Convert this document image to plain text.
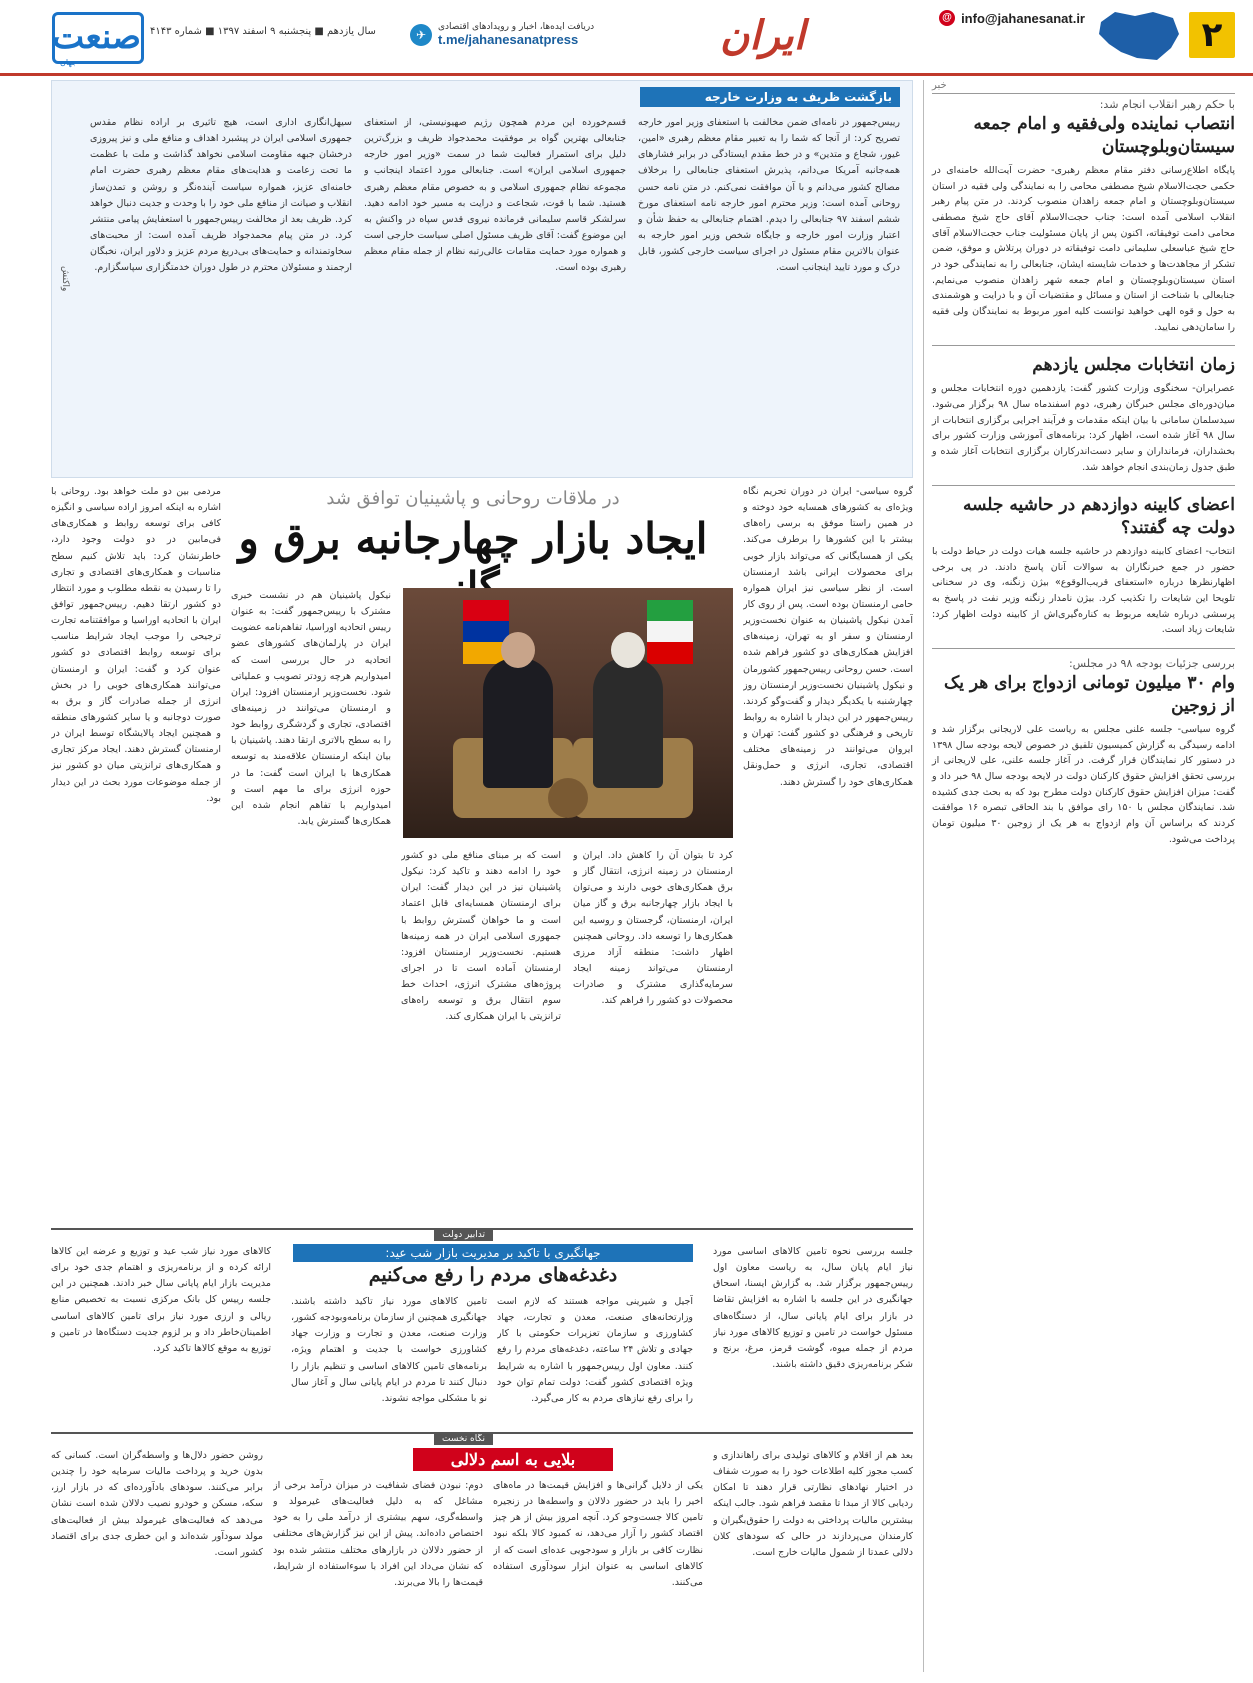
۲
@ info@jahanesanat.ir
ایران
دریافت ایده‌ها، اخبار و رویدادهای اقتصادی
t.me/jahanesanatpress
✈
سال یازدهم ■ پنجشنبه ۹ اسفند ۱۳۹۷ ■ شماره ۴۱۴۳
صنعت
جهان
خبر
با حکم رهبر انقلاب انجام شد:
انتصاب نماینده ولی‌فقیه و امام جمعه سیستان‌وبلوچستان
پایگاه اطلاع‌رسانی دفتر مقام معظم رهبری- حضرت آیت‌الله خامنه‌ای در حکمی حجت‌الاسلام شیخ مصطفی محامی را به نمایندگی ولی فقیه در استان سیستان‌وبلوچستان و امام جمعه زاهدان منصوب کردند. در متن پیام رهبر انقلاب اسلامی آمده است: جناب حجت‌الاسلام آقای حاج شیخ مصطفی محامی دامت توفیقاته، اکنون پس از پایان مسئولیت جناب حجت‌الاسلام آقای حاج شیخ عباسعلی سلیمانی دامت توفیقاته در دوران پرتلاش و موفق، ضمن تشکر از مجاهدت‌ها و خدمات شایسته ایشان، جنابعالی را به نمایندگی خود در استان سیستان‌وبلوچستان و امام جمعه شهر زاهدان منصوب می‌نمایم. جنابعالی با شناخت از استان و مسائل و مقتضیات آن و با درایت و هوشمندی به حول و قوه الهی خواهید توانست کلیه امور مربوط به نمایندگان ولی فقیه را سامان‌دهی نمایید.
زمان انتخابات مجلس یازدهم
عصرایران- سخنگوی وزارت کشور گفت: یازدهمین دوره انتخابات مجلس و میان‌دوره‌ای مجلس خبرگان رهبری، دوم اسفندماه سال ۹۸ برگزار می‌شود. سیدسلمان سامانی با بیان اینکه مقدمات و فرآیند اجرایی برگزاری انتخابات از سال ۹۸ آغاز شده است، اظهار کرد: برنامه‌های آموزشی وزارت کشور برای بخشداران، فرمانداران و سایر دست‌اندرکاران برگزاری انتخابات آغاز شده و طبق جدول زمان‌بندی انجام خواهد شد.
اعضای کابینه دوازدهم در حاشیه جلسه دولت چه گفتند؟
انتخاب- اعضای کابینه دوازدهم در حاشیه جلسه هیات دولت در حیاط دولت با حضور در جمع خبرنگاران به سوالات آنان پاسخ دادند. در پی برخی اظهارنظرها درباره «استعفای قریب‌الوقوع» بیژن زنگنه، وی در سخنانی تلویحا این شایعات را تکذیب کرد. بیژن نامدار زنگنه وزیر نفت در پاسخ به پرسشی درباره شایعه مربوط به کناره‌گیری‌اش از کابینه دولت اظهار کرد: شایعات زیاد است.
بررسی جزئیات بودجه ۹۸ در مجلس:
وام ۳۰ میلیون تومانی ازدواج برای هر یک از زوجین
گروه سیاسی- جلسه علنی مجلس به ریاست علی لاریجانی برگزار شد و ادامه رسیدگی به گزارش کمیسیون تلفیق در خصوص لایحه بودجه سال ۱۳۹۸ در دستور کار نمایندگان قرار گرفت. در آغاز جلسه علنی، علی لاریجانی از بررسی تحقق افزایش حقوق کارکنان دولت در لایحه بودجه سال ۹۸ خبر داد و گفت: میزان افزایش حقوق کارکنان دولت مطرح بود که به بحث جدی کشیده شد. نمایندگان مجلس با ۱۵۰ رای موافق با بند الحاقی تبصره ۱۶ موافقت کردند که براساس آن وام ازدواج به هر یک از زوجین ۳۰ میلیون تومان پرداخت می‌شود.
بازگشت ظریف به وزارت خارجه
رییس‌جمهور در نامه‌ای ضمن مخالفت با استعفای وزیر امور خارجه تصریح کرد: از آنجا که شما را به تعبیر مقام معظم رهبری «امین، غیور، شجاع و متدین» و در خط مقدم ایستادگی در برابر فشارهای همه‌جانبه آمریکا می‌دانم، پذیرش استعفای جنابعالی را برخلاف مصالح کشور می‌دانم و با آن موافقت نمی‌کنم. در متن نامه حسن روحانی آمده است: وزیر محترم امور خارجه نامه استعفای مورخ ششم اسفند ۹۷ جنابعالی را دیدم. اهتمام جنابعالی به حفظ شأن و اعتبار وزارت امور خارجه و جایگاه شخص وزیر امور خارجه به عنوان بالاترین مقام مسئول در اجرای سیاست خارجی کشور، قابل درک و مورد تایید اینجانب است.
قسم‌خورده این مردم همچون رژیم صهیونیستی، از استعفای جنابعالی بهترین گواه بر موفقیت محمدجواد ظریف و بزرگ‌ترین دلیل برای استمرار فعالیت شما در سمت «وزیر امور خارجه جمهوری اسلامی ایران» است. جنابعالی مورد اعتماد اینجانب و مجموعه نظام جمهوری اسلامی و به خصوص مقام معظم رهبری هستید. شما با قوت، شجاعت و درایت به مسیر خود ادامه دهید. سرلشکر قاسم سلیمانی فرمانده نیروی قدس سپاه در واکنش به این موضوع گفت: آقای ظریف مسئول اصلی سیاست خارجی است و همواره مورد حمایت مقامات عالی‌رتبه نظام از جمله مقام معظم رهبری بوده است.
سیهل‌انگاری اداری است، هیچ تاثیری بر اراده نظام مقدس جمهوری اسلامی ایران در پیشبرد اهداف و منافع ملی و نیز پیروزی درخشان جبهه مقاومت اسلامی نخواهد گذاشت و ملت با عظمت ما تحت زعامت و هدایت‌های مقام معظم رهبری حضرت امام خامنه‌ای عزیز، همواره سیاست آینده‌نگر و روشن و تمدن‌ساز انقلاب و صیانت از منافع ملی خود را با وحدت و جدیت دنبال خواهد کرد. ظریف بعد از مخالفت رییس‌جمهور با استعفایش پیامی منتشر کرد. در متن پیام محمدجواد ظریف آمده است: از محبت‌های سخاوتمندانه و حمایت‌های بی‌دریغ مردم عزیز و دلاور ایران، نخبگان ارجمند و مسئولان محترم در طول دوران خدمتگزاری سپاسگزارم.
واکنش
در ملاقات روحانی و پاشینیان توافق شد
ایجاد بازار چهارجانبه برق و
گروه سیاسی- ایران در دوران تحریم نگاه ویژه‌ای به کشورهای همسایه خود دوخته و در همین راستا موفق به برسی راه‌های بیشتر با این کشورها را برطرف می‌کند. یکی از همسایگانی که می‌تواند بازار خوبی برای محصولات ایرانی باشد ارمنستان است. از نظر سیاسی نیز ایران همواره حامی ارمنستان بوده است. پس از روی کار آمدن نیکول پاشینیان به عنوان نخست‌وزیر ارمنستان و سفر او به تهران، زمینه‌های افزایش همکاری‌های دو کشور فراهم شده است. حسن روحانی رییس‌جمهور کشورمان و نیکول پاشینیان نخست‌وزیر ارمنستان روز چهارشنبه با یکدیگر دیدار و گفت‌وگو کردند. رییس‌جمهور در این دیدار با اشاره به روابط تاریخی و فرهنگی دو کشور گفت: تهران و ایروان می‌توانند در زمینه‌های مختلف اقتصادی، تجاری، انرژی و حمل‌ونقل همکاری‌های خود را گسترش دهند.
کرد تا بتوان آن را کاهش داد. ایران و ارمنستان در زمینه انرژی، انتقال گاز و برق همکاری‌های خوبی دارند و می‌توان با ایجاد بازار چهارجانبه برق و گاز میان ایران، ارمنستان، گرجستان و روسیه این همکاری‌ها را توسعه داد. روحانی همچنین اظهار داشت: منطقه آزاد مرزی ارمنستان می‌تواند زمینه ایجاد سرمایه‌گذاری مشترک و صادرات محصولات دو کشور را فراهم کند.
است که بر مبنای منافع ملی دو کشور خود را ادامه دهند و تاکید کرد: نیکول پاشینیان نیز در این دیدار گفت: ایران برای ارمنستان همسایه‌ای قابل اعتماد است و ما خواهان گسترش روابط با جمهوری اسلامی ایران در همه زمینه‌ها هستیم. نخست‌وزیر ارمنستان افزود: ارمنستان آماده است تا در اجرای پروژه‌های مشترک انرژی، احداث خط سوم انتقال برق و توسعه راه‌های ترانزیتی با ایران همکاری کند.
نیکول پاشینیان هم در نشست خبری مشترک با رییس‌جمهور گفت: به عنوان رییس اتحادیه اوراسیا، تفاهم‌نامه عضویت ایران در پارلمان‌های کشورهای عضو اتحادیه در حال بررسی است که امیدواریم هرچه زودتر تصویب و عملیاتی شود. نخست‌وزیر ارمنستان افزود: ایران و ارمنستان می‌توانند در زمینه‌های اقتصادی، تجاری و گردشگری روابط خود را به سطح بالاتری ارتقا دهند. پاشینیان با بیان اینکه ارمنستان علاقه‌مند به توسعه همکاری‌ها با ایران است گفت: ما در حوزه انرژی برای ما مهم است و امیدواریم با تفاهم انجام شده این همکاری‌ها گسترش یابد.
مردمی بین دو ملت خواهد بود. روحانی با اشاره به اینکه امروز اراده سیاسی و انگیزه کافی برای توسعه روابط و همکاری‌های فی‌مابین در دو دولت وجود دارد، خاطرنشان کرد: باید تلاش کنیم سطح مناسبات و همکاری‌های اقتصادی و تجاری را تا رسیدن به نقطه مطلوب و مورد انتظار دو کشور ارتقا دهیم. رییس‌جمهور توافق ایران با اتحادیه اوراسیا و موافقتنامه تجارت ترجیحی را موجب ایجاد شرایط مناسب برای توسعه روابط اقتصادی دو کشور عنوان کرد و گفت: ایران و ارمنستان می‌توانند همکاری‌های خوبی را در بخش انرژی از جمله صادرات گاز و برق به صورت دوجانبه و یا سایر کشورهای منطقه و همچنین ایجاد پالایشگاه توسط ایران در ارمنستان گسترش دهند. ایجاد مرکز تجاری و همکاری‌های ترانزیتی میان دو کشور نیز از جمله موضوعات مورد بحث در این دیدار بود.
تدابیر دولت
جهانگیری با تاکید بر مدیریت بازار شب عید:
دغدغه‌های مردم را رفع می‌کنیم
جلسه بررسی نحوه تامین کالاهای اساسی مورد نیاز ایام پایان سال، به ریاست معاون اول رییس‌جمهور برگزار شد. به گزارش ایسنا، اسحاق جهانگیری در این جلسه با اشاره به افزایش تقاضا در بازار برای ایام پایانی سال، از دستگاه‌های مسئول خواست در تامین و توزیع کالاهای مورد نیاز مردم از جمله میوه، گوشت قرمز، مرغ، برنج و شکر برنامه‌ریزی دقیق داشته باشند.
آجیل و شیرینی مواجه هستند که لازم است وزارتخانه‌های صنعت، معدن و تجارت، جهاد کشاورزی و سازمان تعزیرات حکومتی با کار جهادی و تلاش ۲۴ ساعته، دغدغه‌های مردم را رفع کنند. معاون اول رییس‌جمهور با اشاره به شرایط ویژه اقتصادی کشور گفت: دولت تمام توان خود را برای رفع نیازهای مردم به کار می‌گیرد.
تامین کالاهای مورد نیاز تاکید داشته باشند. جهانگیری همچنین از سازمان برنامه‌وبودجه کشور، وزارت صنعت، معدن و تجارت و وزارت جهاد کشاورزی خواست با جدیت و اهتمام ویژه، برنامه‌های تامین کالاهای اساسی و تنظیم بازار را دنبال کنند تا مردم در ایام پایانی سال و آغاز سال نو با مشکلی مواجه نشوند.
کالاهای مورد نیاز شب عید و توزیع و عرضه این کالاها ارائه کرده و از برنامه‌ریزی و اهتمام جدی خود برای مدیریت بازار ایام پایانی سال خبر دادند. همچنین در این جلسه رییس کل بانک مرکزی نسبت به تخصیص منابع ریالی و ارزی مورد نیاز برای تامین کالاهای اساسی اطمینان‌خاطر داد و بر لزوم جدیت دستگاه‌ها در تامین و توزیع به موقع کالاها تاکید کرد.
نگاه نخست
بلایی به اسم دلالی	بعد هم از اقلام و کالاهای تولیدی برای راهاندازی و کسب مجوز کلیه اطلاعات خود را به صورت شفاف در اختیار نهادهای نظارتی قرار دهند تا امکان ردیابی کالا از مبدا تا مقصد فراهم شود. جالب اینکه بیشترین مالیات پرداختی به دولت را حقوق‌بگیران و کارمندان می‌پردازند در حالی که سودهای کلان دلالی عمدتا از شمول مالیات خارج است.
یکی از دلایل گرانی‌ها و افزایش قیمت‌ها در ماه‌های اخیر را باید در حضور دلالان و واسطه‌ها در زنجیره تامین کالا جست‌وجو کرد. آنچه امروز بیش از هر چیز اقتصاد کشور را آزار می‌دهد، نه کمبود کالا بلکه نبود نظارت کافی بر بازار و سودجویی عده‌ای است که از کالاهای اساسی به عنوان ابزار سودآوری استفاده می‌کنند.
دوم: نبودن فضای شفافیت در میزان درآمد برخی از مشاغل که به دلیل فعالیت‌های غیرمولد و واسطه‌گری، سهم بیشتری از درآمد ملی را به خود اختصاص داده‌اند. پیش از این نیز گزارش‌های مختلفی از حضور دلالان در بازارهای مختلف منتشر شده بود که نشان می‌داد این افراد با سوءاستفاده از شرایط، قیمت‌ها را بالا می‌برند.
روشن حضور دلال‌ها و واسطه‌گران است. کسانی که بدون خرید و پرداخت مالیات سرمایه خود را چندین برابر می‌کنند. سودهای بادآورده‌ای که در بازار ارز، سکه، مسکن و خودرو نصیب دلالان شده است نشان می‌دهد که فعالیت‌های غیرمولد بیش از فعالیت‌های مولد سودآور شده‌اند و این خطری جدی برای اقتصاد کشور است.
